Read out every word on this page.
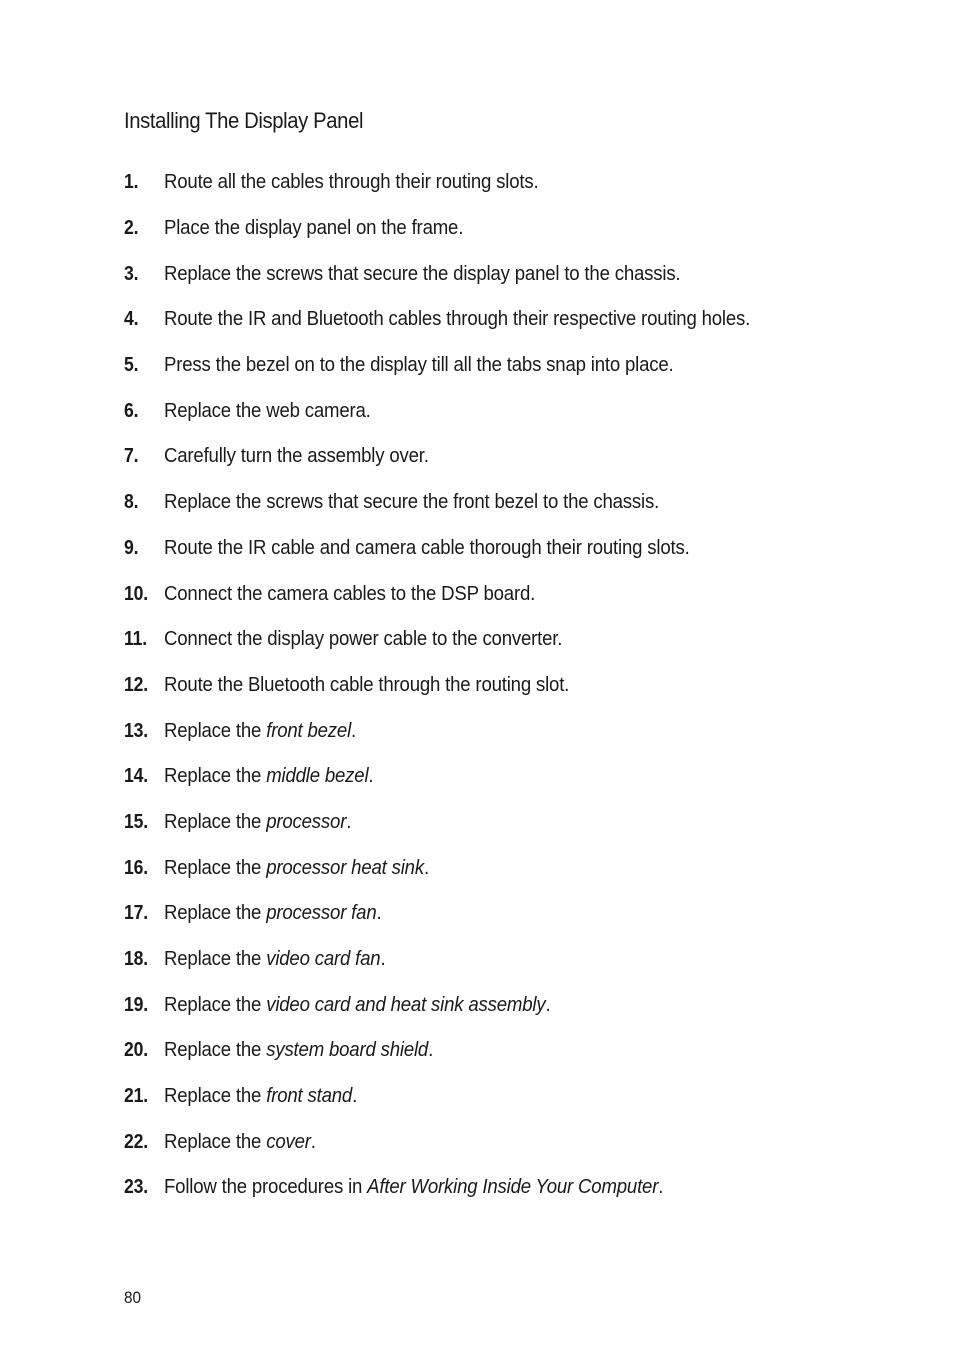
Installing The Display Panel
1.	Route all the cables through their routing slots.
2.	Place the display panel on the frame.
3.	Replace the screws that secure the display panel to the chassis.
4.	Route the IR and Bluetooth cables through their respective routing holes.
5.	Press the bezel on to the display till all the tabs snap into place.
6.	Replace the web camera.
7.	Carefully turn the assembly over.
8.	Replace the screws that secure the front bezel to the chassis.
9.	Route the IR cable and camera cable thorough their routing slots.
10. Connect the camera cables to the DSP board.
11. Connect the display power cable to the converter.
12. Route the Bluetooth cable through the routing slot.
13. Replace the front bezel.
14. Replace the middle bezel.
15. Replace the processor.
16. Replace the processor heat sink.
17. Replace the processor fan.
18. Replace the video card fan.
19. Replace the video card and heat sink assembly.
20. Replace the system board shield.
21. Replace the front stand.
22. Replace the cover.
23. Follow the procedures in After Working Inside Your Computer.
80
